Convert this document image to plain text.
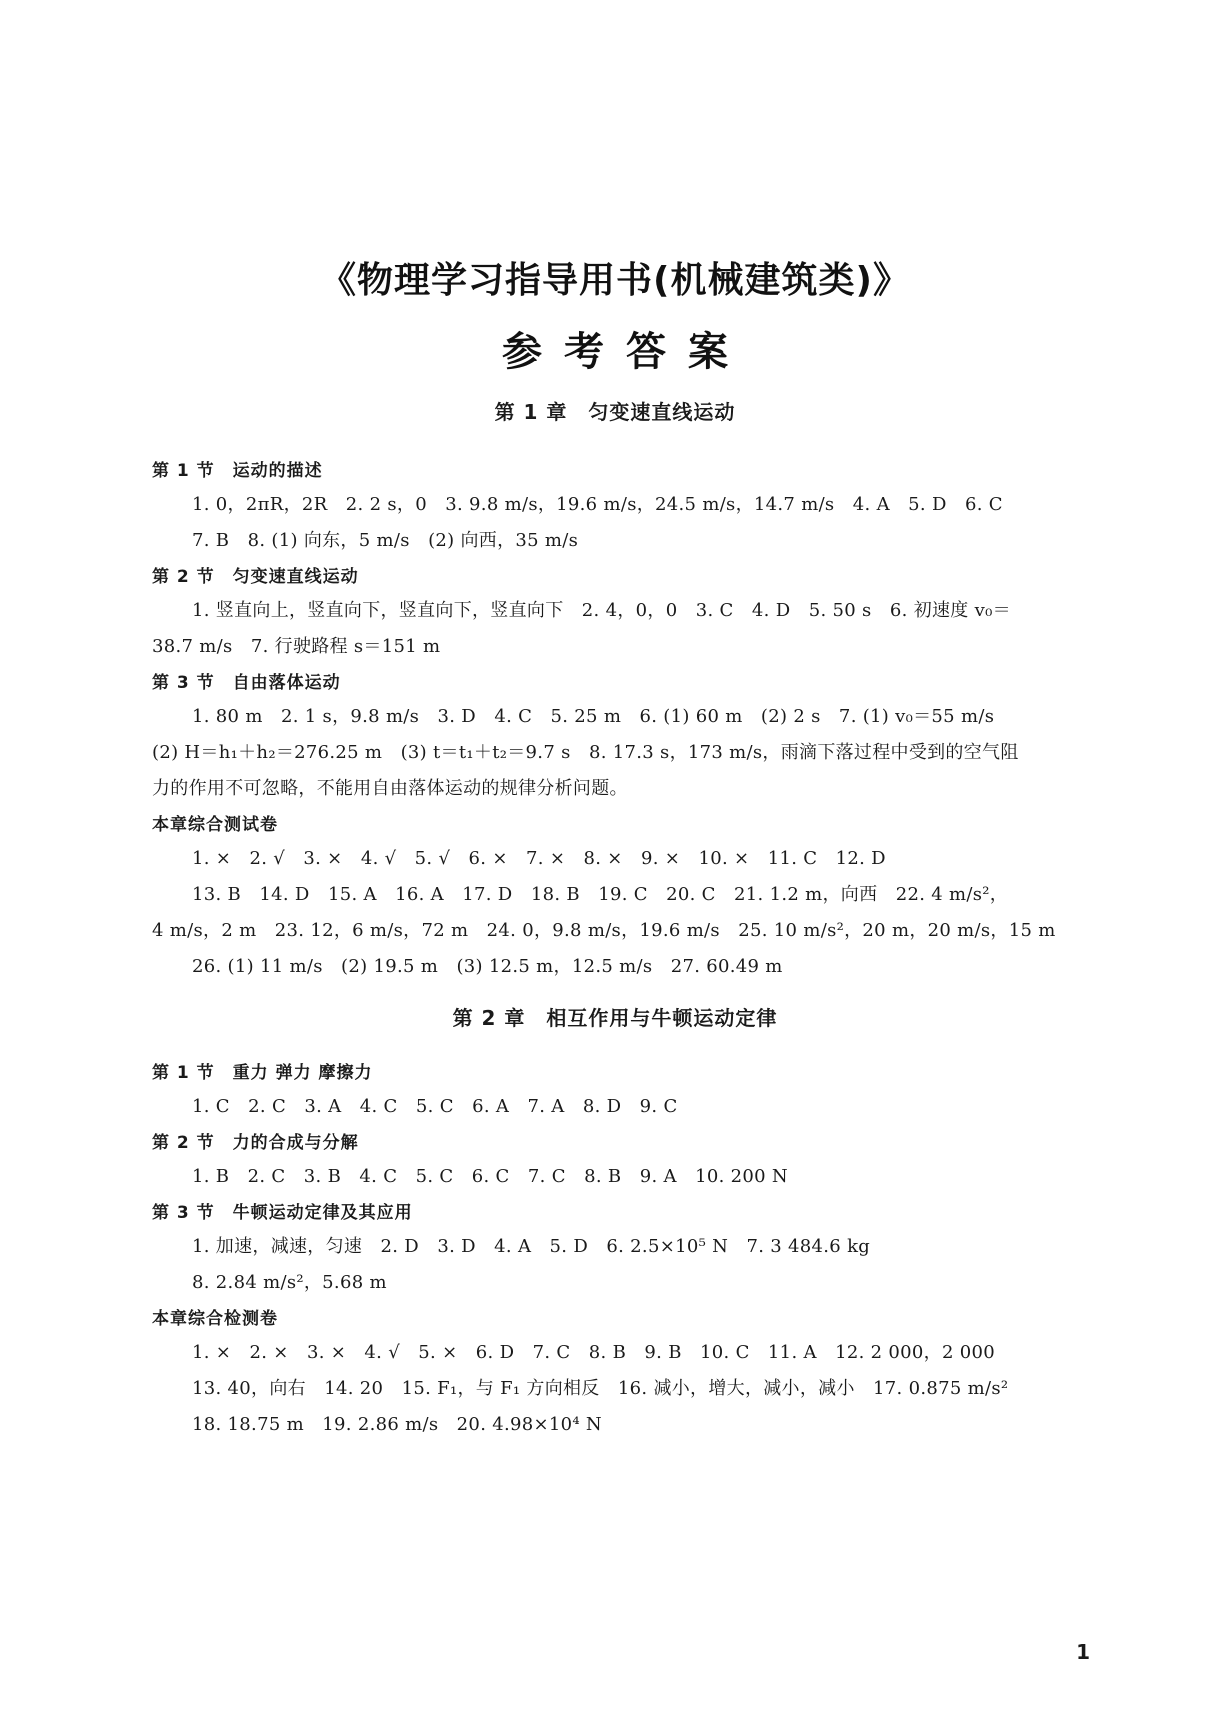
《物理学习指导用书(机械建筑类)》
参考答案
第 1 章　匀变速直线运动
第 1 节　运动的描述
1. 0，2πR，2R　2. 2 s，0　3. 9.8 m/s，19.6 m/s，24.5 m/s，14.7 m/s　4. A　5. D　6. C
7. B　8. (1) 向东，5 m/s　(2) 向西，35 m/s
第 2 节　匀变速直线运动
1. 竖直向上，竖直向下，竖直向下，竖直向下　2. 4，0，0　3. C　4. D　5. 50 s　6. 初速度 v₀＝
38.7 m/s　7. 行驶路程 s＝151 m
第 3 节　自由落体运动
1. 80 m　2. 1 s，9.8 m/s　3. D　4. C　5. 25 m　6. (1) 60 m　(2) 2 s　7. (1) v₀＝55 m/s
(2) H＝h₁＋h₂＝276.25 m　(3) t＝t₁＋t₂＝9.7 s　8. 17.3 s，173 m/s，雨滴下落过程中受到的空气阻
力的作用不可忽略，不能用自由落体运动的规律分析问题。
本章综合测试卷
1. ×　2. √　3. ×　4. √　5. √　6. ×　7. ×　8. ×　9. ×　10. ×　11. C　12. D
13. B　14. D　15. A　16. A　17. D　18. B　19. C　20. C　21. 1.2 m，向西　22. 4 m/s²，
4 m/s，2 m　23. 12，6 m/s，72 m　24. 0，9.8 m/s，19.6 m/s　25. 10 m/s²，20 m，20 m/s，15 m
26. (1) 11 m/s　(2) 19.5 m　(3) 12.5 m，12.5 m/s　27. 60.49 m
第 2 章　相互作用与牛顿运动定律
第 1 节　重力 弹力 摩擦力
1. C　2. C　3. A　4. C　5. C　6. A　7. A　8. D　9. C
第 2 节　力的合成与分解
1. B　2. C　3. B　4. C　5. C　6. C　7. C　8. B　9. A　10. 200 N
第 3 节　牛顿运动定律及其应用
1. 加速，减速，匀速　2. D　3. D　4. A　5. D　6. 2.5×10⁵ N　7. 3 484.6 kg
8. 2.84 m/s²，5.68 m
本章综合检测卷
1. ×　2. ×　3. ×　4. √　5. ×　6. D　7. C　8. B　9. B　10. C　11. A　12. 2 000，2 000
13. 40，向右　14. 20　15. F₁，与 F₁ 方向相反　16. 减小，增大，减小，减小　17. 0.875 m/s²
18. 18.75 m　19. 2.86 m/s　20. 4.98×10⁴ N
1
